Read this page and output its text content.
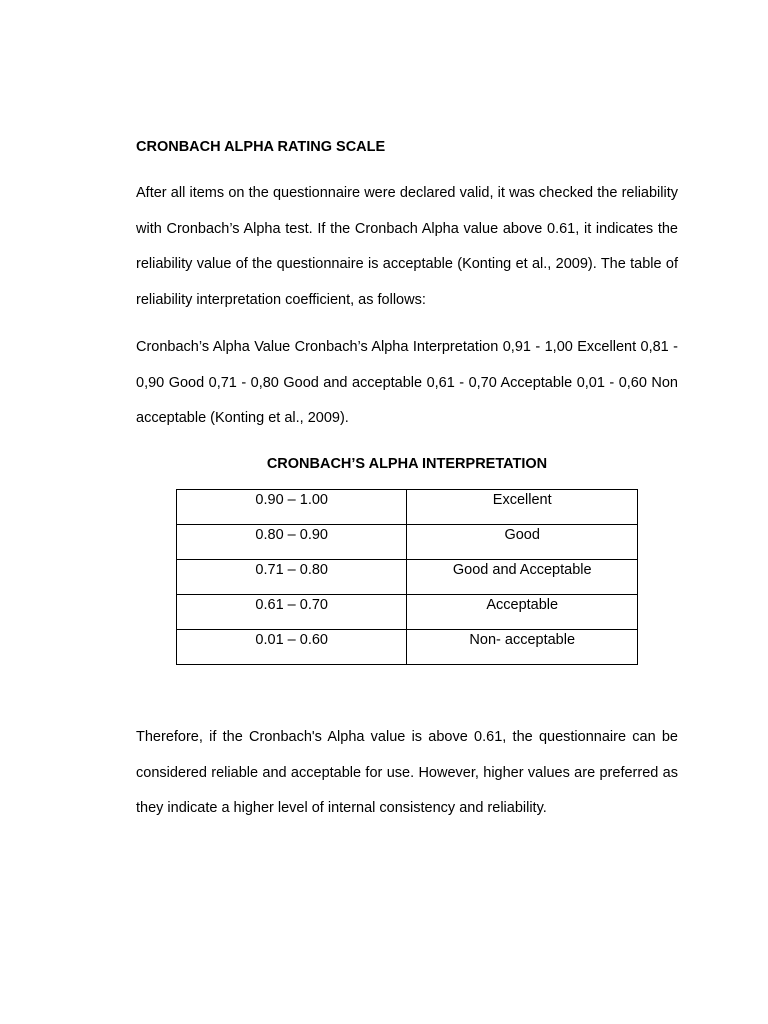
CRONBACH ALPHA RATING SCALE

After all items on the questionnaire were declared valid, it was checked the reliability with Cronbach’s Alpha test. If the Cronbach Alpha value above 0.61, it indicates the reliability value of the questionnaire is acceptable (Konting et al., 2009). The table of reliability interpretation coefficient, as follows:

Cronbach’s Alpha Value Cronbach’s Alpha Interpretation 0,91 - 1,00 Excellent 0,81 - 0,90 Good 0,71 - 0,80 Good and acceptable 0,61 - 0,70 Acceptable 0,01 - 0,60 Non acceptable (Konting et al., 2009).

CRONBACH’S ALPHA INTERPRETATION
0.90 – 1.00	Excellent

0.80 – 0.90	Good

0.71 – 0.80	Good and Acceptable

0.61 – 0.70	Acceptable

0.01 – 0.60	Non- acceptable

Therefore, if the Cronbach's Alpha value is above 0.61, the questionnaire can be considered reliable and acceptable for use. However, higher values are preferred as they indicate a higher level of internal consistency and reliability.
